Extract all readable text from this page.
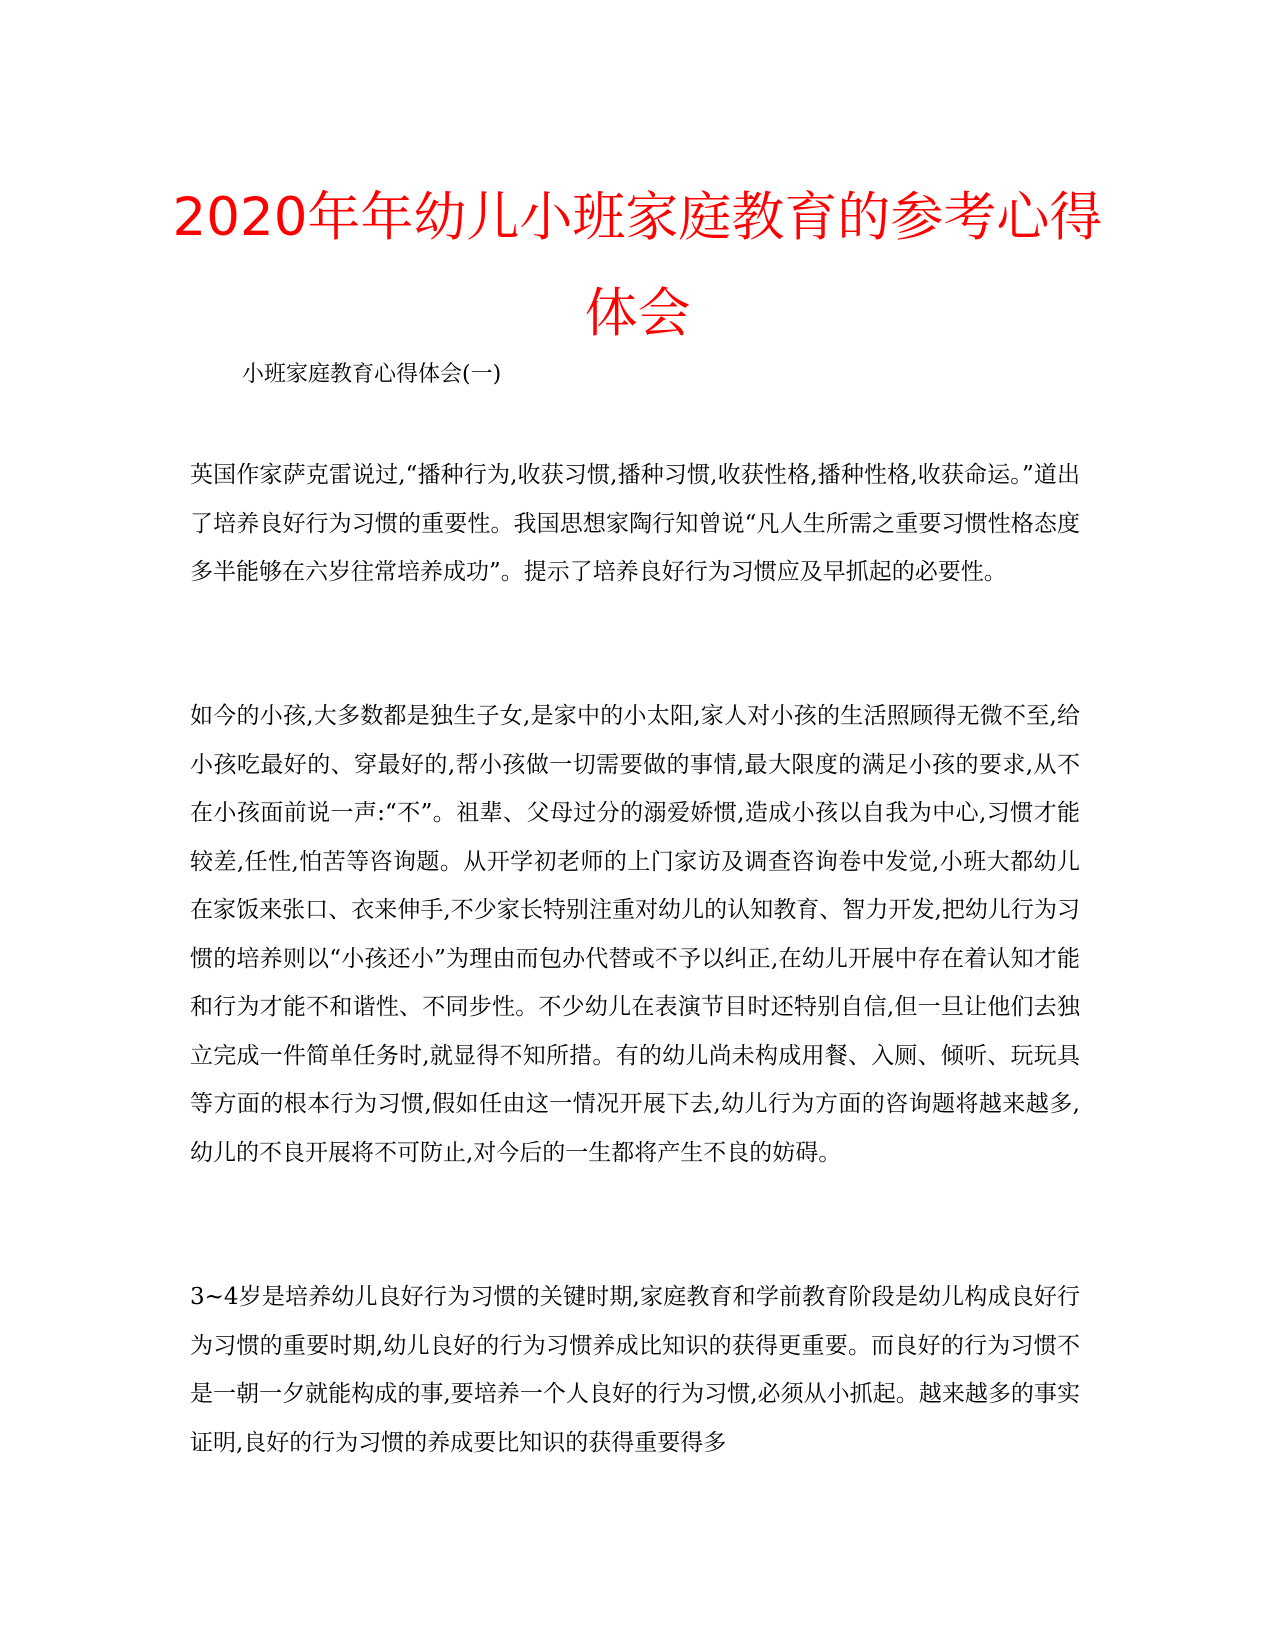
2020年年幼儿小班家庭教育的参考心得体会

小班家庭教育心得体会(一)

英国作家萨克雷说过,“播种行为,收获习惯,播种习惯,收获性格,播种性格,收获命运。”道出了培养良好行为习惯的重要性。我国思想家陶行知曾说“凡人生所需之重要习惯性格态度多半能够在六岁往常培养成功”。提示了培养良好行为习惯应及早抓起的必要性。

如今的小孩,大多数都是独生子女,是家中的小太阳,家人对小孩的生活照顾得无微不至,给小孩吃最好的、穿最好的,帮小孩做一切需要做的事情,最大限度的满足小孩的要求,从不在小孩面前说一声:“不”。祖辈、父母过分的溺爱娇惯,造成小孩以自我为中心,习惯才能较差,任性,怕苦等咨询题。从开学初老师的上门家访及调查咨询卷中发觉,小班大都幼儿在家饭来张口、衣来伸手,不少家长特别注重对幼儿的认知教育、智力开发,把幼儿行为习惯的培养则以“小孩还小”为理由而包办代替或不予以纠正,在幼儿开展中存在着认知才能和行为才能不和谐性、不同步性。不少幼儿在表演节目时还特别自信,但一旦让他们去独立完成一件简单任务时,就显得不知所措。有的幼儿尚未构成用餐、入厕、倾听、玩玩具等方面的根本行为习惯,假如任由这一情况开展下去,幼儿行为方面的咨询题将越来越多,幼儿的不良开展将不可防止,对今后的一生都将产生不良的妨碍。

3~4岁是培养幼儿良好行为习惯的关键时期,家庭教育和学前教育阶段是幼儿构成良好行为习惯的重要时期,幼儿良好的行为习惯养成比知识的获得更重要。而良好的行为习惯不是一朝一夕就能构成的事,要培养一个人良好的行为习惯,必须从小抓起。越来越多的事实证明,良好的行为习惯的养成要比知识的获得重要得多
